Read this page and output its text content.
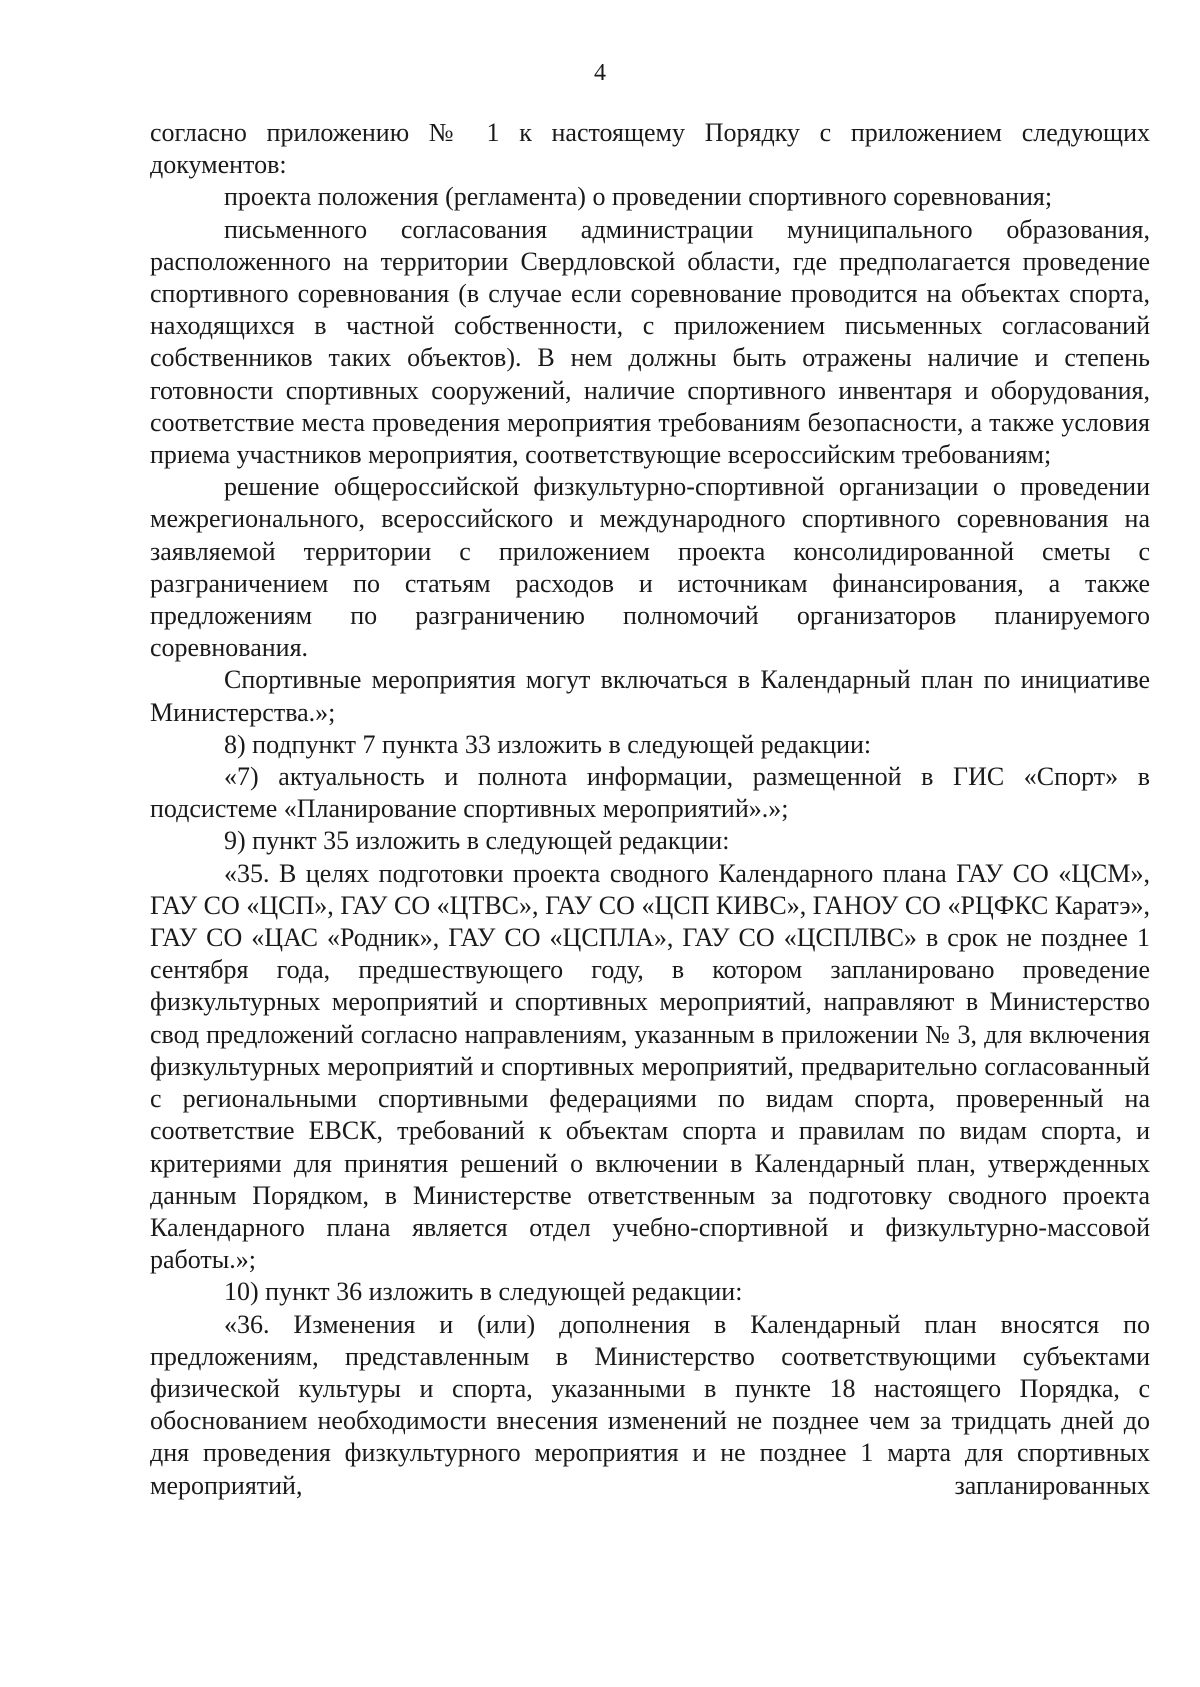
4

согласно приложению № 1 к настоящему Порядку с приложением следующих документов:

проекта положения (регламента) о проведении спортивного соревнования;

письменного согласования администрации муниципального образования, расположенного на территории Свердловской области, где предполагается проведение спортивного соревнования (в случае если соревнование проводится на объектах спорта, находящихся в частной собственности, с приложением письменных согласований собственников таких объектов). В нем должны быть отражены наличие и степень готовности спортивных сооружений, наличие спортивного инвентаря и оборудования, соответствие места проведения мероприятия требованиям безопасности, а также условия приема участников мероприятия, соответствующие всероссийским требованиям;

решение общероссийской физкультурно-спортивной организации о проведении межрегионального, всероссийского и международного спортивного соревнования на заявляемой территории с приложением проекта консолидированной сметы с разграничением по статьям расходов и источникам финансирования, а также предложениям по разграничению полномочий организаторов планируемого соревнования.

Спортивные мероприятия могут включаться в Календарный план по инициативе Министерства.»;

8) подпункт 7 пункта 33 изложить в следующей редакции:

«7) актуальность и полнота информации, размещенной в ГИС «Спорт» в подсистеме «Планирование спортивных мероприятий».»;

9) пункт 35 изложить в следующей редакции:

«35. В целях подготовки проекта сводного Календарного плана ГАУ СО «ЦСМ», ГАУ СО «ЦСП», ГАУ СО «ЦТВС», ГАУ СО «ЦСП КИВС», ГАНОУ СО «РЦФКС Каратэ», ГАУ СО «ЦАС «Родник», ГАУ СО «ЦСПЛА», ГАУ СО «ЦСПЛВС» в срок не позднее 1 сентября года, предшествующего году, в котором запланировано проведение физкультурных мероприятий и спортивных мероприятий, направляют в Министерство свод предложений согласно направлениям, указанным в приложении № 3, для включения физкультурных мероприятий и спортивных мероприятий, предварительно согласованный с региональными спортивными федерациями по видам спорта, проверенный на соответствие ЕВСК, требований к объектам спорта и правилам по видам спорта, и критериями для принятия решений о включении в Календарный план, утвержденных данным Порядком, в Министерстве ответственным за подготовку сводного проекта Календарного плана является отдел учебно-спортивной и физкультурно-массовой работы.»;

10) пункт 36 изложить в следующей редакции:

«36. Изменения и (или) дополнения в Календарный план вносятся по предложениям, представленным в Министерство соответствующими субъектами физической культуры и спорта, указанными в пункте 18 настоящего Порядка, с обоснованием необходимости внесения изменений не позднее чем за тридцать дней до дня проведения физкультурного мероприятия и не позднее 1 марта для спортивных мероприятий, запланированных
